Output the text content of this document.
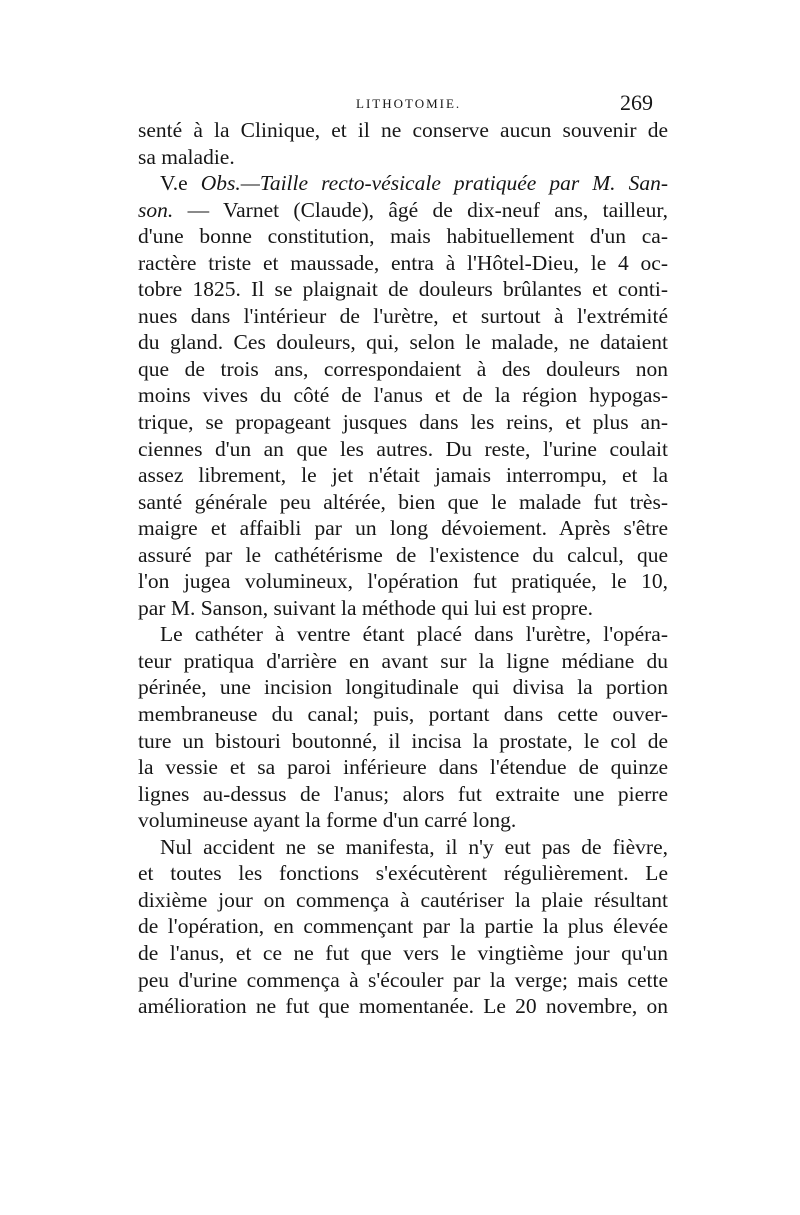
LITHOTOMIE.	269
senté à la Clinique, et il ne conserve aucun souvenir de
sa maladie.
V.e Obs.—Taille recto-vésicale pratiquée par M. San-
son. — Varnet (Claude), âgé de dix-neuf ans, tailleur,
d'une bonne constitution, mais habituellement d'un ca-
ractère triste et maussade, entra à l'Hôtel-Dieu, le 4 oc-
tobre 1825. Il se plaignait de douleurs brûlantes et conti-
nues dans l'intérieur de l'urètre, et surtout à l'extrémité
du gland. Ces douleurs, qui, selon le malade, ne dataient
que de trois ans, correspondaient à des douleurs non
moins vives du côté de l'anus et de la région hypogas-
trique, se propageant jusques dans les reins, et plus an-
ciennes d'un an que les autres. Du reste, l'urine coulait
assez librement, le jet n'était jamais interrompu, et la
santé générale peu altérée, bien que le malade fut très-
maigre et affaibli par un long dévoiement. Après s'être
assuré par le cathétérisme de l'existence du calcul, que
l'on jugea volumineux, l'opération fut pratiquée, le 10,
par M. Sanson, suivant la méthode qui lui est propre.
Le cathéter à ventre étant placé dans l'urètre, l'opéra-
teur pratiqua d'arrière en avant sur la ligne médiane du
périnée, une incision longitudinale qui divisa la portion
membraneuse du canal; puis, portant dans cette ouver-
ture un bistouri boutonné, il incisa la prostate, le col de
la vessie et sa paroi inférieure dans l'étendue de quinze
lignes au-dessus de l'anus; alors fut extraite une pierre
volumineuse ayant la forme d'un carré long.
Nul accident ne se manifesta, il n'y eut pas de fièvre,
et toutes les fonctions s'exécutèrent régulièrement. Le
dixième jour on commença à cautériser la plaie résultant
de l'opération, en commençant par la partie la plus élevée
de l'anus, et ce ne fut que vers le vingtième jour qu'un
peu d'urine commença à s'écouler par la verge; mais cette
amélioration ne fut que momentanée. Le 20 novembre, on
